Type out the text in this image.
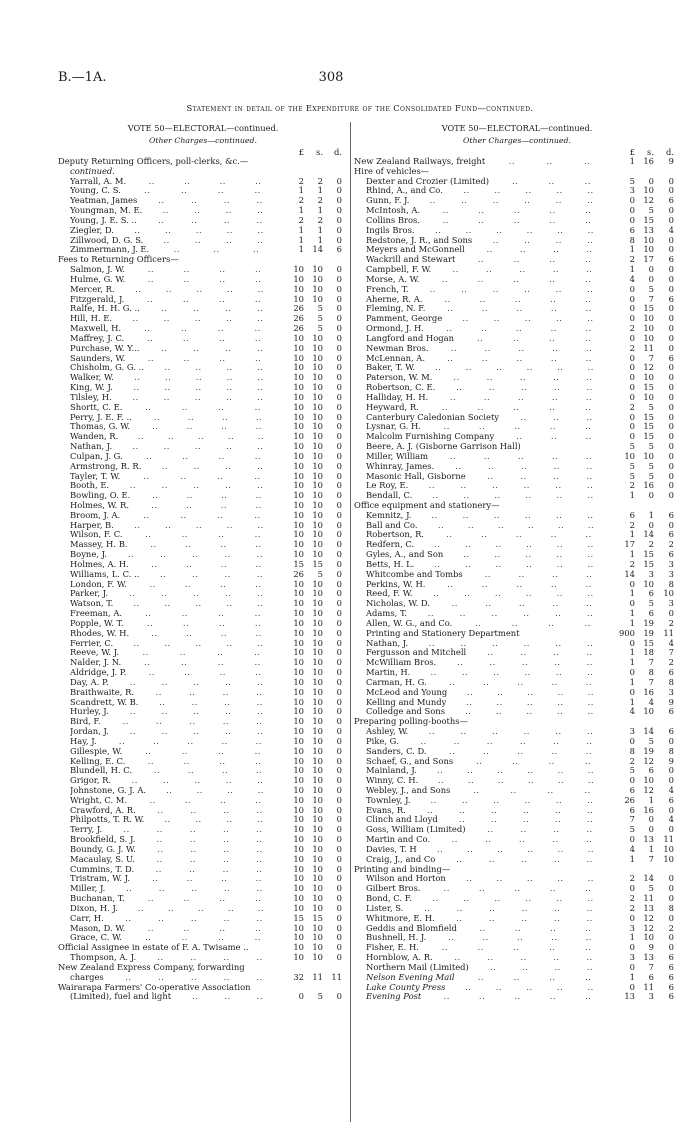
B.—1A.	308
Statement in detail of the Expenditure of the Consolidated Fund—continued.
VOTE 50—ELECTORAL—continued.
Other Charges—continued.
£	s.	d.
Deputy Returning Officers, poll-clerks, &c.—
continued.
Yarrall, A. M.	..	..	..	..	2	2	0
Young, C. S.	..	..	..	..	1	1	0
Yeatman, James ..	..	..	..	2	2	0
Youngman, M. E. ..	..	..	..	1	1	0
Young, J. E. S. ..	..	..	..	..	2	2	0
Ziegler, D. ..	..	..	..	..	1	1	0
Zillwood, D. G. S. ..	..	..	..	1	1	0
Zimmermann, J. E.	..	..	..	1 14	6
Fees to Returning Officers—
Salmon, J. W.	..	..	..	..	10 10	0
Hulme, G. W.	..	..	..	..	10 10	0
Mercer, R. ..	..	..	..	..	10 10	0
Fitzgerald, J.	..	..	..	..	10 10	0
Ralfe, H. H. G. .. ..	..	..	..	26	5	0
Hill, H. E. ..	..	..	..	..	26	5	0
Maxwell, H.	..	..	..	..	26	5	0
Maffrey, J. C.	..	..	..	..	10 10	0
Purchase, W. Y...	..	..	..	..	10 10	0
Saunders, W.	..	..	..	..	10 10	0
Chisholm, G. G. .. ..	..	..	..	10 10	0
Walker, W. ..	..	..	..	..	10 10	0
King, W. J. ..	..	..	..	..	10 10	0
Tilsley, H. ..	..	..	..	..	10 10	0
Shortt, C. E.	..	..	..	..	10 10	0
Perry, J. E. F. ..	..	..	..	..	10 10	0
Thomas, G. W.	..	..	..	..	10 10	0
Wanden, R. ..	..	..	..	..	10 10	0
Nathan, J. ..	..	..	..	..	10 10	0
Culpan, J. G.	..	..	..	..	10 10	0
Armstrong, R. R. ..	..	..	..	10 10	0
Tayler, T. W.	..	..	..	..	10 10	0
Booth, E. ..	..	..	..	..	10 10	0
Bowling, O. E.	..	..	..	..	10 10	0
Holmes, W. R.	..	..	..	..	10 10	0
Broom, J. A.	..	..	..	..	10 10	0
Harper, B. ..	..	..	..	..	10 10	0
Wilson, F. C.	..	..	..	..	10 10	0
Massey, H. B.	..	..	..	..	10 10	0
Boyne, J. ..	..	..	..	..	10 10	0
Holmes, A. H.	..	..	..	..	15 15	0
Williams, L. C. .. ..	..	..	..	26	5	0
London, F. W.	..	..	..	..	10 10	0
Parker, J. ..	..	..	..	..	10 10	0
Watson, T. ..	..	..	..	..	10 10	0
Freeman, A.	..	..	..	..	10 10	0
Popple, W. T.	..	..	..	..	10 10	0
Rhodes, W. H.	..	..	..	..	10 10	0
Ferrier, C. ..	..	..	..	..	10 10	0
Reeve, W. J.	..	..	..	..	10 10	0
Nalder, J. N.	..	..	..	..	10 10	0
Aldridge, J. P.	..	..	..	..	10 10	0
Day, A. P.	..	..	..	..	..	10 10	0
Braithwaite, R.	..	..	..	..	10 10	0
Scandrett, W. B. ..	..	..	..	10 10	0
Hurley, J.	..	..	..	..	..	10 10	0
Bird, F.	..	..	..	..	..	10 10	0
Jordan, J. ..	..	..	..	..	10 10	0
Hay, J.	..	..	..	..	..	10 10	0
Gillespie, W.	..	..	..	..	10 10	0
Kelling, E. C.	..	..	..	..	10 10	0
Blundell, H. C.	..	..	..	..	10 10	0
Grigor, R. ..	..	..	..	..	10 10	0
Johnstone, G. J. A. ..	..	..	..	10 10	0
Wright, C. M.	..	..	..	..	10 10	0
Crawford, A. R.	..	..	..	..	10 10	0
Philpotts, T. R. W. ..	..	..	..	10 10	0
Terry, J.	..	..	..	..	..	10 10	0
Brookfield, S. J.	..	..	..	..	10 10	0
Boundy, G. J. W.	..	..	..	..	10 10	0
Macaulay, S. U.	..	..	..	..	10 10	0
Cummins, T. D.	..	..	..	..	10 10	0
Tristram, W. J.	..	..	..	..	10 10	0
Miller, J. ..	..	..	..	..	10 10	0
Buchanan, T.	..	..	..	..	10 10	0
Dixon, H. J. ..	..	..	..	..	10 10	0
Carr, H.	..	..	..	..	..	15 15	0
Mason, D. W.	..	..	..	..	10 10	0
Grace, C. W.	..	..	..	..	10 10	0
Official Assignee in estate of F. A. Twisame ..	10 10	0
Thompson, A. J.	..	..	..	..	10 10	0
New Zealand Express Company, forwarding
charges	..	..	..	..	..	32 11 11
Wairarapa Farmers' Co-operative Association
(Limited), fuel and light ..	..	..	0	5	0
VOTE 50—ELECTORAL—continued.
Other Charges—continued.
£	s.	d.
New Zealand Railways, freight	..	..	..	1 16	9
Hire of vehicles—
Dexter and Crozier (Limited)	..	..	..	5	0	0
Rhind, A., and Co. ..	..	..	..	..	3 10	0
Gunn, F. J. ..	..	..	..	..	..	0 12	6
McIntosh, A.	..	..	..	..	..	0	5	0
Collins Bros.	..	..	..	..	..	0 15	0
Ingils Bros. ..	..	..	..	..	..	6 13	4
Redstone, J. R., and Sons ..	..	..	..	8 10	0
Meyers and McGonnell	..	..	..	..	1 10	0
Wackrill and Stewart	..	..	..	..	2 17	6
Campbell, F. W.	..	..	..	..	..	1	0	0
Morse, A. W.	..	..	..	..	..	4	0	0
French, T. ..	..	..	..	..	..	0	5	0
Aherne, R. A.	..	..	..	..	..	0	7	6
Fleming, N. F.	..	..	..	..	..	0 15	0
Pamment, George ..	..	..	..	..	0 10	0
Ormond, J. H.	..	..	..	..	..	2 10	0
Langford and Hogan	..	..	..	..	0 10	0
Newman Bros.	..	..	..	..	..	2 11	0
McLennan, A.	..	..	..	..	..	0	7	6
Baker, T. W. ..	..	..	..	..	..	0 12	0
Paterson, W. M.	..	..	..	..	..	0 10	0
Robertson, C. E. ..	..	..	..	..	0 15	0
Halliday, H. H.	..	..	..	..	..	0 10	0
Heyward, R.	..	..	..	..	..	2	5	0
Canterbury Caledonian Society	..	..	..	0 15	0
Lysnar, G. H.	..	..	..	..	..	0 15	0
Malcolm Furnishing Company	..	..	..	0 15	0
Beere, A. J. (Gisborne Garrison Hall)	5	5	0
Miller, William	..	..	..	..	..	10 10	0
Whinray, James.	..	..	..	..	..	5	5	0
Masonic Hall, Gisborne	..	..	..	..	5	5	0
Le Roy, E. ..	..	..	..	..	..	2 16	0
Bendall, C. ..	..	..	..	..	..	1	0	0
Office equipment and stationery—
Kemnitz, J. ..	..	..	..	..	..	6	1	6
Ball and Co. ..	..	..	..	..	..	2	0	0
Robertson, R.	..	..	..	..	..	1 14	6
Redfern, C. ..	..	..	..	..	..	17	2	2
Gyles, A., and Son ..	..	..	..	..	1 15	6
Betts, H. L. ..	..	..	..	..	..	2 15	3
Whitcombe and Tombs	..	..	..	..	14	3	3
Perkins, W. H.	..	..	..	..	..	0 10	8
Reed, F. W. ..	..	..	..	..	..	1	6	10
Nicholas, W. D.	..	..	..	..	..	0	5	3
Adams, T. ..	..	..	..	..	..	1	6	0
Allen, W. G., and Co.	..	..	..	..	1 19	2
Printing and Stationery Department	900 19	11
Nathan, J. ..	..	..	..	..	..	0 15	4
Fergusson and Mitchell	..	..	..	..	1 18	7
McWilliam Bros. ..	..	..	..	..	1	7	2
Martin, H. ..	..	..	..	..	..	0	8	6
Carman, H. G.	..	..	..	..	..	1	7	8
McLeod and Young ..	..	..	..	..	0 16	3
Kelling and Mundy ..	..	..	..	..	1	4	9
Colledge and Sons ..	..	..	..	..	4 10	6
Preparing polling-booths—
Ashley, W. ..	..	..	..	..	..	3 14	6
Pike, G.	..	..	..	..	..	..	0	5	0
Sanders, C. D.	..	..	..	..	..	8 19	8
Schaef, G., and Sons	..	..	..	..	2 12	9
Mainland, J. ..	..	..	..	..	..	5	6	0
Winny, C. H. ..	..	..	..	..	..	0 10	0
Webley, J., and Sons	..	..	..	..	6 12	4
Townley, J. ..	..	..	..	..	..	26	1	6
Evans, R.	..	..	..	..	..	..	6 16	0
Clinch and Lloyd	..	..	..	..	..	7	0	4
Goss, William (Limited)	..	..	..	..	5	0	0
Martin and Co.	..	..	..	..	..	0 13	11
Davies, T. H ..	..	..	..	..	..	4	1	10
Craig, J., and Co ..	..	..	..	..	1	7	10
Printing and binding—
Wilson and Horton ..	..	..	..	..	2 14	0
Gilbert Bros.	..	..	..	..	..	0	5	0
Bond, C. F. ..	..	..	..	..	..	2 11	0
Lister, S. ..	..	..	..	..	..	2 13	8
Whitmore, E. H.	..	..	..	..	..	0 12	0
Geddis and Blomfield	..	..	..	..	3 12	2
Bushnell, H. J.	..	..	..	..	..	1 10	0
Fisher, E. H.	..	..	..	..	..	0	9	0
Hornblow, A. R.	..	..	..	..	..	3 13	6
Northern Mail (Limited)	..	..	..	..	0	7	6
Nelson Evening Mail	..	..	..	..	1	6	6
Lake County Press ..	..	..	..	..	0 11	6
Evening Post	..	..	..	..	..	13	3	6
